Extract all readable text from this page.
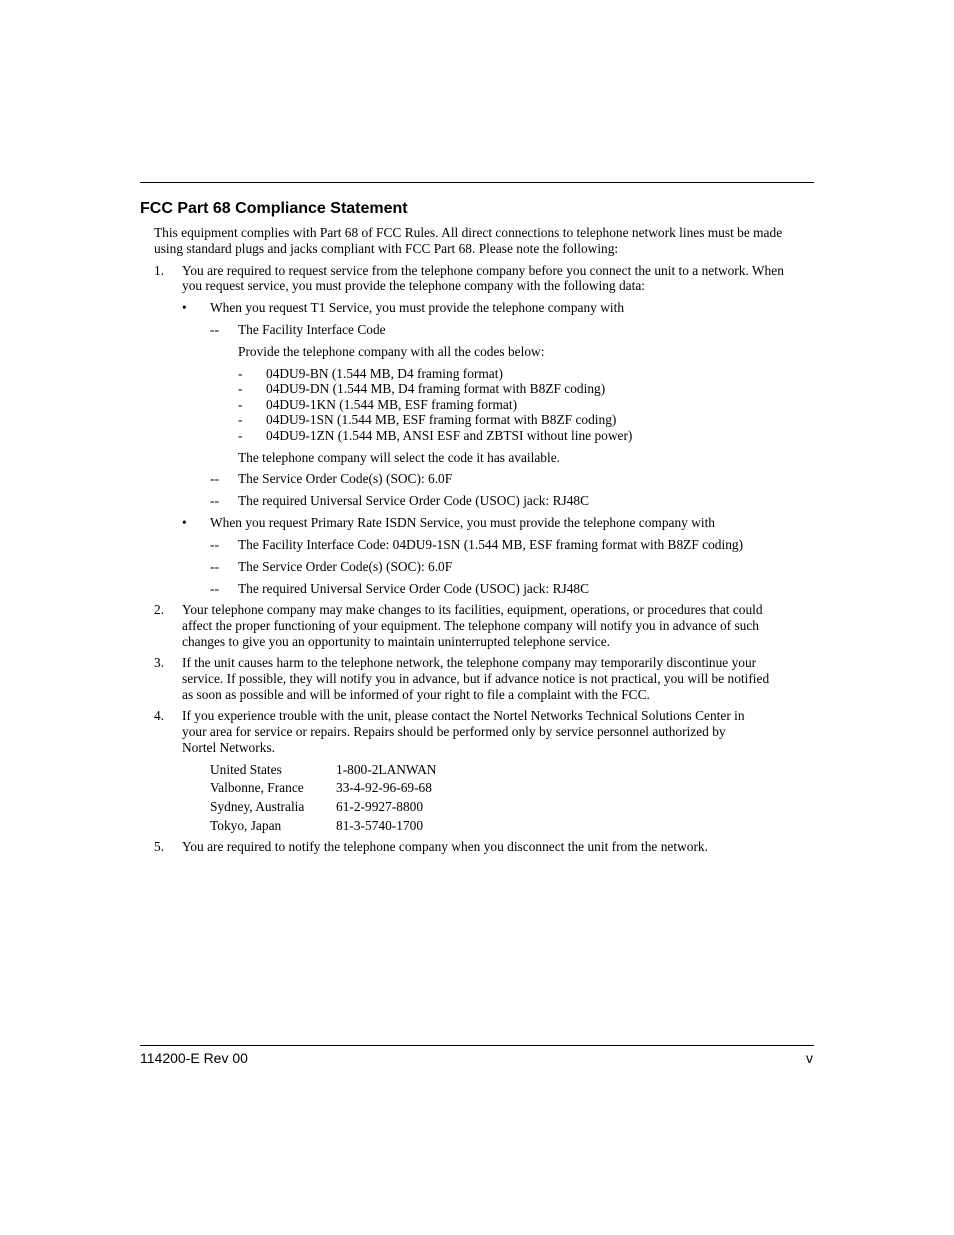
FCC Part 68 Compliance Statement
This equipment complies with Part 68 of FCC Rules. All direct connections to telephone network lines must be made
using standard plugs and jacks compliant with FCC Part 68. Please note the following:
1. You are required to request service from the telephone company before you connect the unit to a network. When
you request service, you must provide the telephone company with the following data:
• When you request T1 Service, you must provide the telephone company with
-- The Facility Interface Code
Provide the telephone company with all the codes below:
- 04DU9-BN (1.544 MB, D4 framing format)
- 04DU9-DN (1.544 MB, D4 framing format with B8ZF coding)
- 04DU9-1KN (1.544 MB, ESF framing format)
- 04DU9-1SN (1.544 MB, ESF framing format with B8ZF coding)
- 04DU9-1ZN (1.544 MB, ANSI ESF and ZBTSI without line power)
The telephone company will select the code it has available.
-- The Service Order Code(s) (SOC): 6.0F
-- The required Universal Service Order Code (USOC) jack: RJ48C
• When you request Primary Rate ISDN Service, you must provide the telephone company with
-- The Facility Interface Code: 04DU9-1SN (1.544 MB, ESF framing format with B8ZF coding)
-- The Service Order Code(s) (SOC): 6.0F
-- The required Universal Service Order Code (USOC) jack: RJ48C
2. Your telephone company may make changes to its facilities, equipment, operations, or procedures that could
affect the proper functioning of your equipment. The telephone company will notify you in advance of such
changes to give you an opportunity to maintain uninterrupted telephone service.
3. If the unit causes harm to the telephone network, the telephone company may temporarily discontinue your
service. If possible, they will notify you in advance, but if advance notice is not practical, you will be notified
as soon as possible and will be informed of your right to file a complaint with the FCC.
4. If you experience trouble with the unit, please contact the Nortel Networks Technical Solutions Center in
your area for service or repairs. Repairs should be performed only by service personnel authorized by
Nortel Networks.
United States	1-800-2LANWAN
Valbonne, France 33-4-92-96-69-68
Sydney, Australia 61-2-9927-8800
Tokyo, Japan	81-3-5740-1700
5. You are required to notify the telephone company when you disconnect the unit from the network.
114200-E Rev 00	v
